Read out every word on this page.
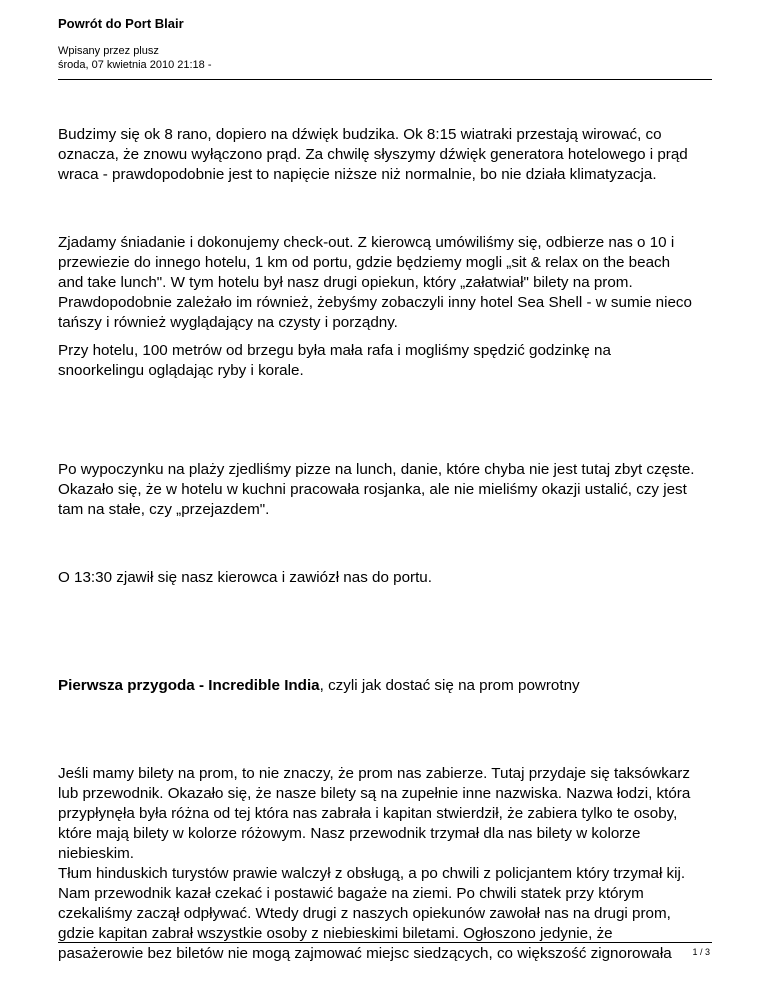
Powrót do Port Blair
Wpisany przez plusz
środa, 07 kwietnia 2010 21:18 -
Budzimy się ok 8 rano, dopiero na dźwięk budzika. Ok 8:15 wiatraki przestają wirować, co
oznacza, że znowu wyłączono prąd. Za chwilę słyszymy dźwięk generatora hotelowego i prąd
wraca - prawdopodobnie jest to napięcie niższe niż normalnie, bo nie działa klimatyzacja.
Zjadamy śniadanie i dokonujemy check-out. Z kierowcą umówiliśmy się, odbierze nas o 10 i
przewiezie do innego hotelu, 1 km od portu, gdzie będziemy mogli „sit & relax on the beach
and take lunch". W tym hotelu był nasz drugi opiekun, który „załatwiał" bilety na prom.
Prawdopodobnie zależało im również, żebyśmy zobaczyli inny hotel Sea Shell - w sumie nieco
tańszy i również wyglądający na czysty i porządny.
Przy hotelu, 100 metrów od brzegu była mała rafa i mogliśmy spędzić godzinkę na
snoorkelingu oglądając ryby i korale.
Po wypoczynku na plaży zjedliśmy pizze na lunch, danie, które chyba nie jest tutaj zbyt częste.
Okazało się, że w hotelu w kuchni pracowała rosjanka, ale nie mieliśmy okazji ustalić, czy jest
tam na stałe, czy „przejazdem".
O 13:30 zjawił się nasz kierowca i zawiózł nas do portu.
Pierwsza przygoda - Incredible India, czyli jak dostać się na prom powrotny
Jeśli mamy bilety na prom, to nie znaczy, że prom nas zabierze. Tutaj przydaje się taksówkarz
lub przewodnik. Okazało się, że nasze bilety są na zupełnie inne nazwiska. Nazwa łodzi, która
przypłynęła była różna od tej która nas zabrała i kapitan stwierdził, że zabiera tylko te osoby,
które mają bilety w kolorze różowym. Nasz przewodnik trzymał dla nas bilety w kolorze
niebieskim.
Tłum hinduskich turystów prawie walczył z obsługą, a po chwili z policjantem który trzymał kij.
Nam przewodnik kazał czekać i postawić bagaże na ziemi. Po chwili statek przy którym
czekaliśmy zaczął odpływać. Wtedy drugi z naszych opiekunów zawołał nas na drugi prom,
gdzie kapitan zabrał wszystkie osoby z niebieskimi biletami. Ogłoszono jedynie, że
pasażerowie bez biletów nie mogą zajmować miejsc siedzących, co większość zignorowała	1 / 3
